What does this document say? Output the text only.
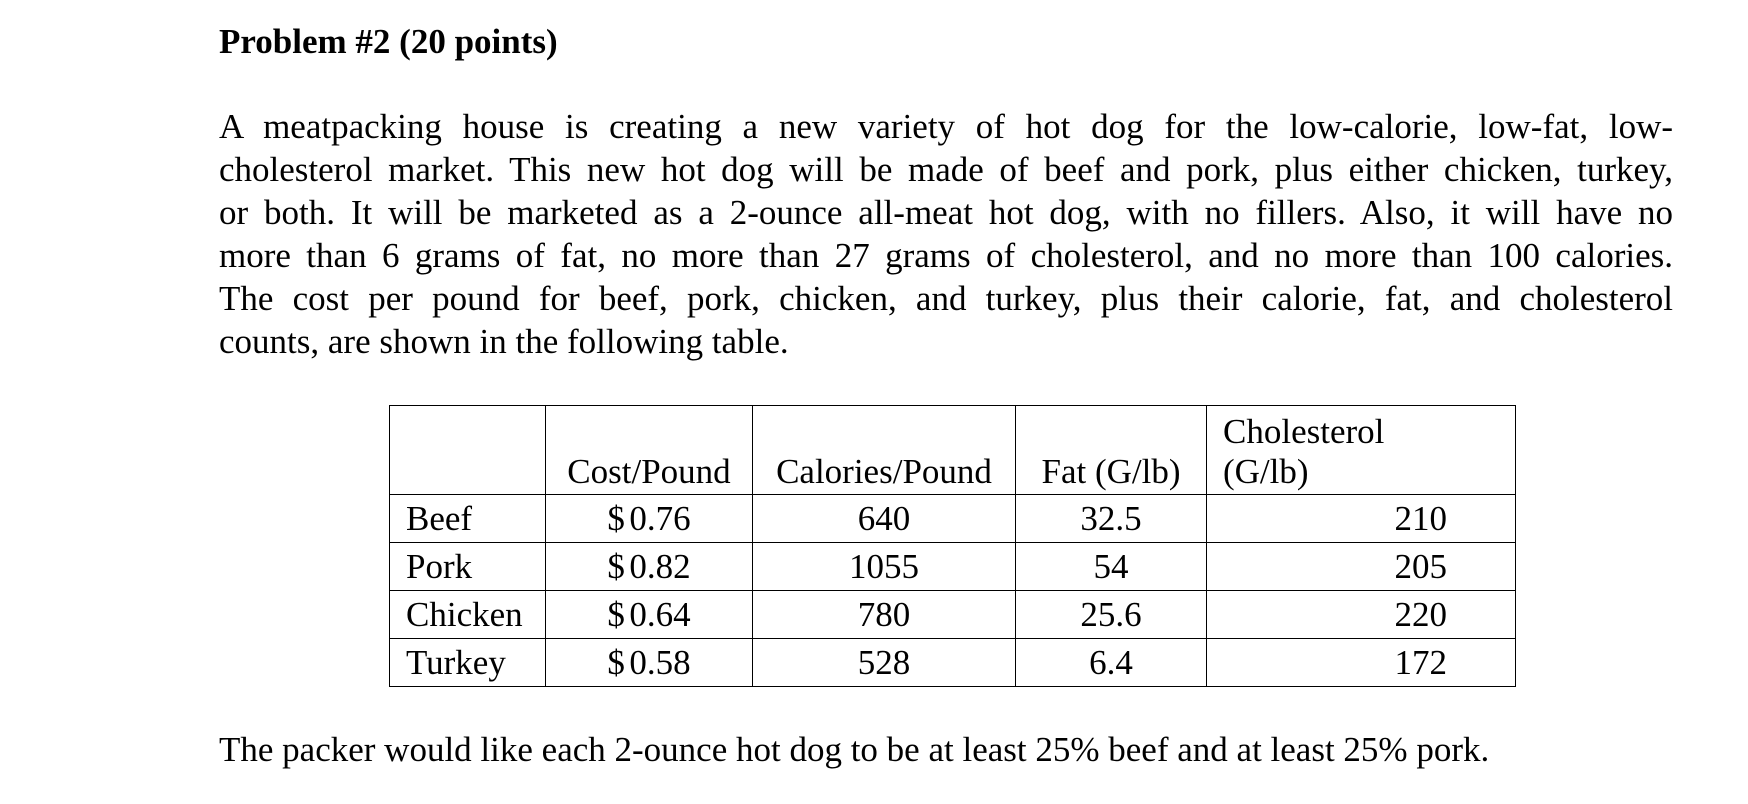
Problem #2 (20 points)

A meatpacking house is creating a new variety of hot dog for the low-calorie, low-fat, low-
cholesterol market. This new hot dog will be made of beef and pork, plus either chicken, turkey,
or both. It will be marketed as a 2-ounce all-meat hot dog, with no fillers. Also, it will have no
more than 6 grams of fat, no more than 27 grams of cholesterol, and no more than 100 calories.
The cost per pound for beef, pork, chicken, and turkey, plus their calorie, fat, and cholesterol
counts, are shown in the following table.

	Cost/Pound	Calories/Pound	Fat (G/lb)	Cholesterol
(G/lb)

Beef	$ 0.76	640	32.5	210
Pork	$ 0.82	1055	54	205
Chicken	$ 0.64	780	25.6	220
Turkey	$ 0.58	528	6.4	172
The packer would like each 2-ounce hot dog to be at least 25% beef and at least 25% pork.
